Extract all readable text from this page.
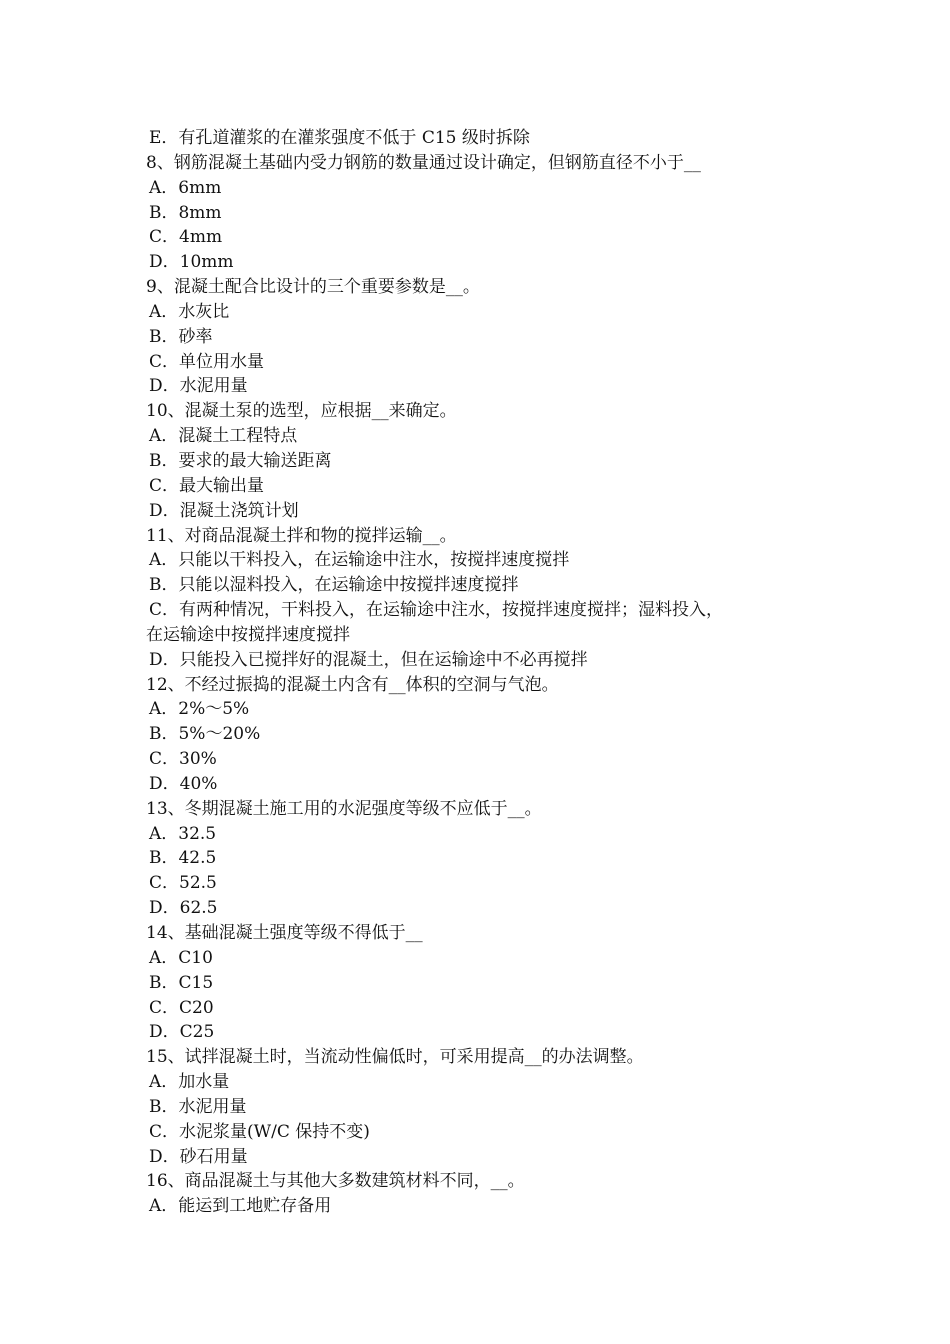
E．有孔道灌浆的在灌浆强度不低于 C15 级时拆除
8、钢筋混凝土基础内受力钢筋的数量通过设计确定，但钢筋直径不小于__
A．6mm
B．8mm
C．4mm
D．10mm
9、混凝土配合比设计的三个重要参数是__。
A．水灰比
B．砂率
C．单位用水量
D．水泥用量
10、混凝土泵的选型，应根据__来确定。
A．混凝土工程特点
B．要求的最大输送距离
C．最大输出量
D．混凝土浇筑计划
11、对商品混凝土拌和物的搅拌运输__。
A．只能以干料投入，在运输途中注水，按搅拌速度搅拌
B．只能以湿料投入，在运输途中按搅拌速度搅拌
C．有两种情况，干料投入，在运输途中注水，按搅拌速度搅拌；湿料投入，
在运输途中按搅拌速度搅拌
D．只能投入已搅拌好的混凝土，但在运输途中不必再搅拌
12、不经过振捣的混凝土内含有__体积的空洞与气泡。
A．2%～5%
B．5%～20%
C．30%
D．40%
13、冬期混凝土施工用的水泥强度等级不应低于__。
A．32.5
B．42.5
C．52.5
D．62.5
14、基础混凝土强度等级不得低于__
A．C10
B．C15
C．C20
D．C25
15、试拌混凝土时，当流动性偏低时，可采用提高__的办法调整。
A．加水量
B．水泥用量
C．水泥浆量(W/C 保持不变)
D．砂石用量
16、商品混凝土与其他大多数建筑材料不同，__。
A．能运到工地贮存备用
